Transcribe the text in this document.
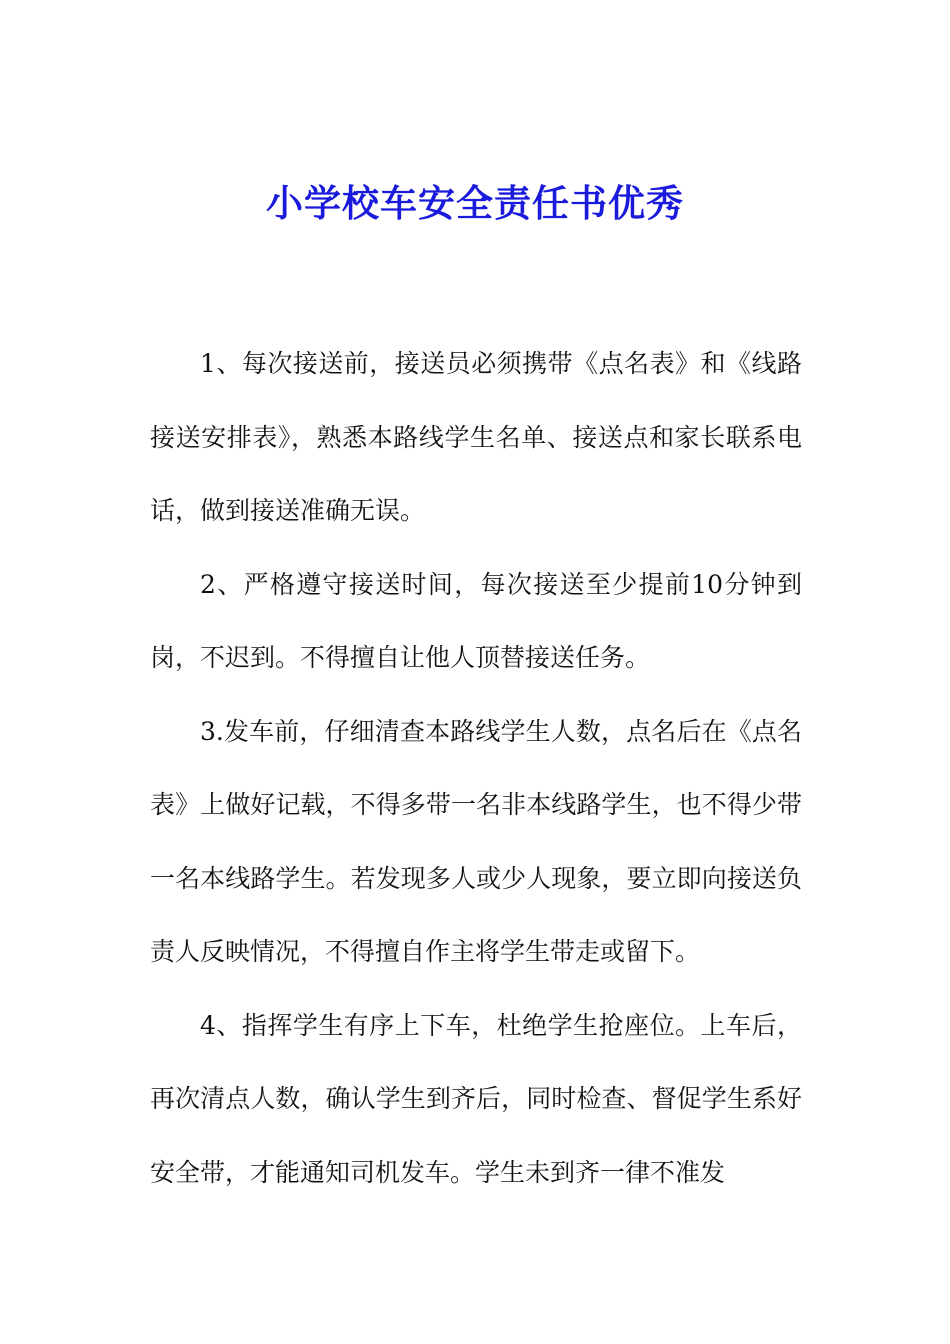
小学校车安全责任书优秀

1、每次接送前，接送员必须携带《点名表》和《线路接送安排表》，熟悉本路线学生名单、接送点和家长联系电话，做到接送准确无误。

2、严格遵守接送时间，每次接送至少提前10分钟到岗，不迟到。不得擅自让他人顶替接送任务。

3.发车前，仔细清查本路线学生人数，点名后在《点名表》上做好记载，不得多带一名非本线路学生，也不得少带一名本线路学生。若发现多人或少人现象，要立即向接送负责人反映情况，不得擅自作主将学生带走或留下。

4、指挥学生有序上下车，杜绝学生抢座位。上车后，再次清点人数，确认学生到齐后，同时检查、督促学生系好安全带，才能通知司机发车。学生未到齐一律不准发
